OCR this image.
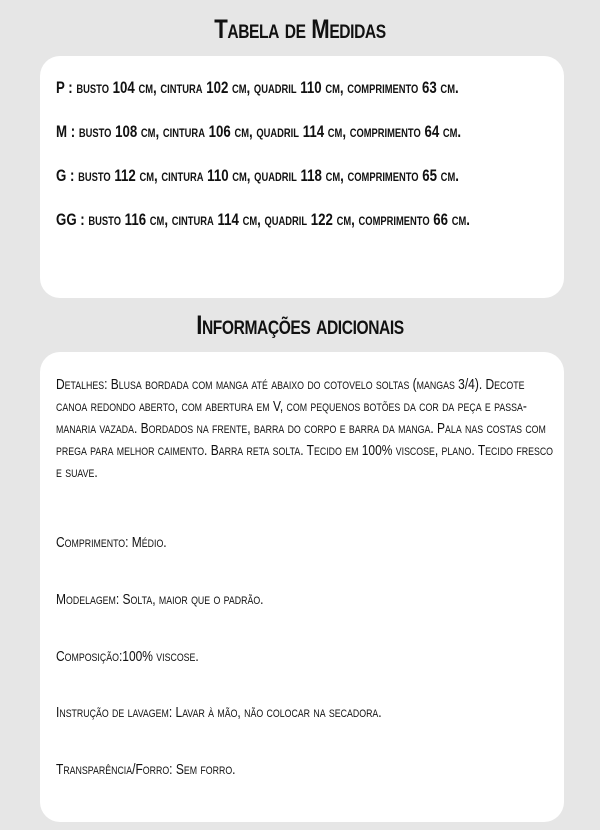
Tabela de Medidas
P : busto 104 cm, cintura 102 cm, quadril 110 cm, comprimento 63 cm.
M : busto 108 cm, cintura 106 cm, quadril 114 cm, comprimento 64 cm.
G : busto 112 cm, cintura 110 cm, quadril 118 cm, comprimento 65 cm.
GG : busto 116 cm, cintura 114 cm, quadril 122 cm, comprimento 66 cm.
Informações adicionais

Detalhes: Blusa bordada com manga até abaixo do cotovelo soltas (mangas 3/4). Decote canoa redondo aberto, com abertura em V, com pequenos botões da cor da peça e passa-manaria vazada. Bordados na frente, barra do corpo e barra da manga. Pala nas costas com prega para melhor caimento. Barra reta solta. Tecido em 100% viscose, plano. Tecido fresco e suave.

Comprimento: Médio.
Modelagem: Solta, maior que o padrão.
Composição:100% viscose.
Instrução de lavagem: Lavar à mão, não colocar na secadora.
Transparência/Forro: Sem forro.
